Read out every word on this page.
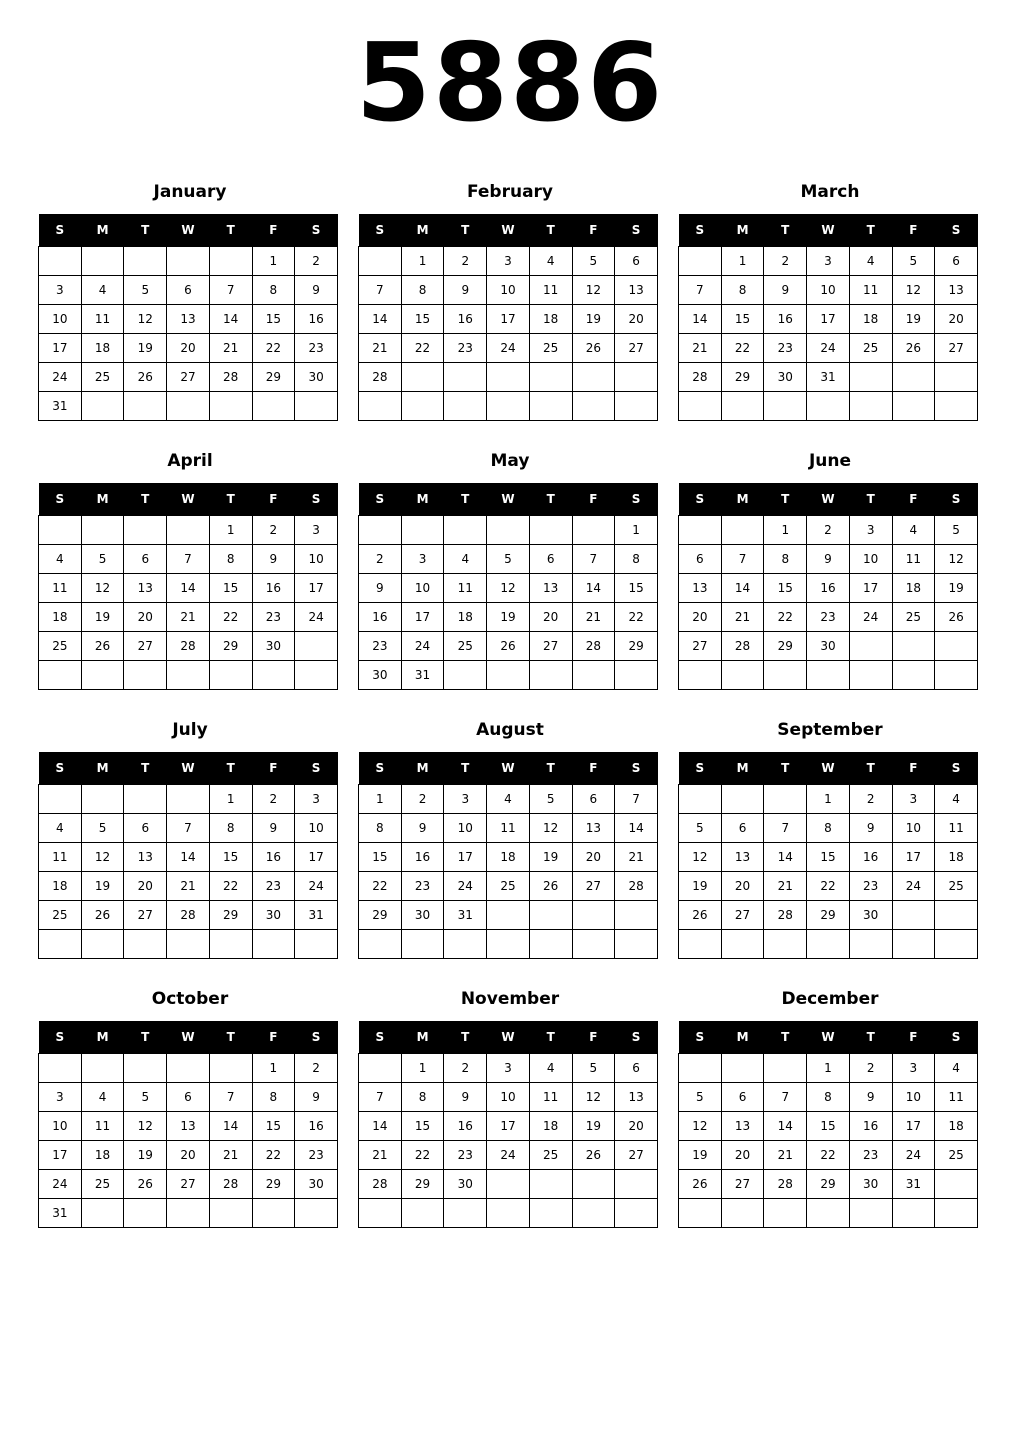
5886
January
S	M	T	W	T	F	S
					1	2
3	4	5	6	7	8	9
10	11	12	13	14	15	16
17	18	19	20	21	22	23
24	25	26	27	28	29	30
31						
February
S	M	T	W	T	F	S
	1	2	3	4	5	6
7	8	9	10	11	12	13
14	15	16	17	18	19	20
21	22	23	24	25	26	27
28						

March
S	M	T	W	T	F	S
	1	2	3	4	5	6
7	8	9	10	11	12	13
14	15	16	17	18	19	20
21	22	23	24	25	26	27
28	29	30	31			

April
S	M	T	W	T	F	S
				1	2	3
4	5	6	7	8	9	10
11	12	13	14	15	16	17
18	19	20	21	22	23	24
25	26	27	28	29	30	

May
S	M	T	W	T	F	S
						1
2	3	4	5	6	7	8
9	10	11	12	13	14	15
16	17	18	19	20	21	22
23	24	25	26	27	28	29
30	31					
June
S	M	T	W	T	F	S
		1	2	3	4	5
6	7	8	9	10	11	12
13	14	15	16	17	18	19
20	21	22	23	24	25	26
27	28	29	30			

July
S	M	T	W	T	F	S
				1	2	3
4	5	6	7	8	9	10
11	12	13	14	15	16	17
18	19	20	21	22	23	24
25	26	27	28	29	30	31

August
S	M	T	W	T	F	S
1	2	3	4	5	6	7
8	9	10	11	12	13	14
15	16	17	18	19	20	21
22	23	24	25	26	27	28
29	30	31				

September
S	M	T	W	T	F	S
			1	2	3	4
5	6	7	8	9	10	11
12	13	14	15	16	17	18
19	20	21	22	23	24	25
26	27	28	29	30		

October
S	M	T	W	T	F	S
					1	2
3	4	5	6	7	8	9
10	11	12	13	14	15	16
17	18	19	20	21	22	23
24	25	26	27	28	29	30
31						
November
S	M	T	W	T	F	S
	1	2	3	4	5	6
7	8	9	10	11	12	13
14	15	16	17	18	19	20
21	22	23	24	25	26	27
28	29	30				

December
S	M	T	W	T	F	S
			1	2	3	4
5	6	7	8	9	10	11
12	13	14	15	16	17	18
19	20	21	22	23	24	25
26	27	28	29	30	31	
